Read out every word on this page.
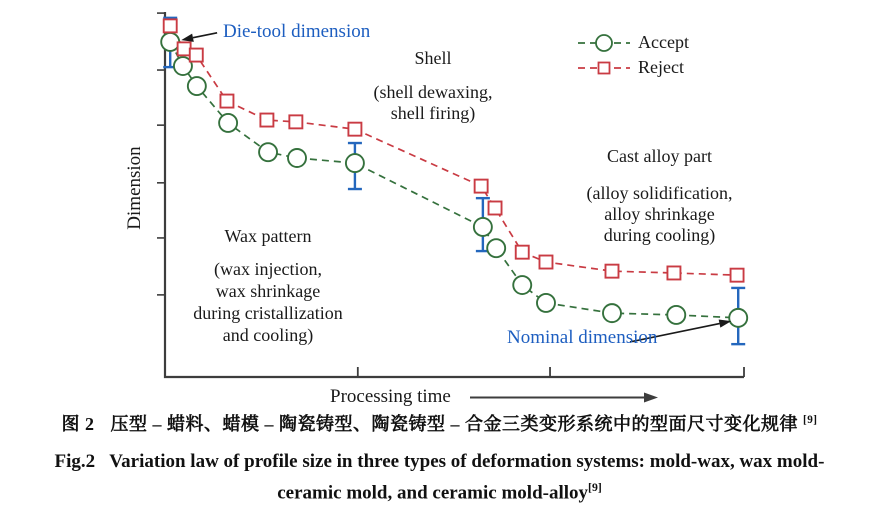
Dimension
Processing time
Die-tool dimension	Accept
Reject
Shell
(shell dewaxing,
shell firing)
Cast alloy part
(alloy solidification,
alloy shrinkage
during cooling)
Wax pattern
(wax injection,
wax shrinkage
during cristallization
and cooling)	Nominal dimension
图 2 压型 – 蜡料、蜡模 – 陶瓷铸型、陶瓷铸型 – 合金三类变形系统中的型面尺寸变化规律 [9]
Fig.2 Variation law of profile size in three types of deformation systems: mold-wax, wax mold-
ceramic mold, and ceramic mold-alloy[9]
